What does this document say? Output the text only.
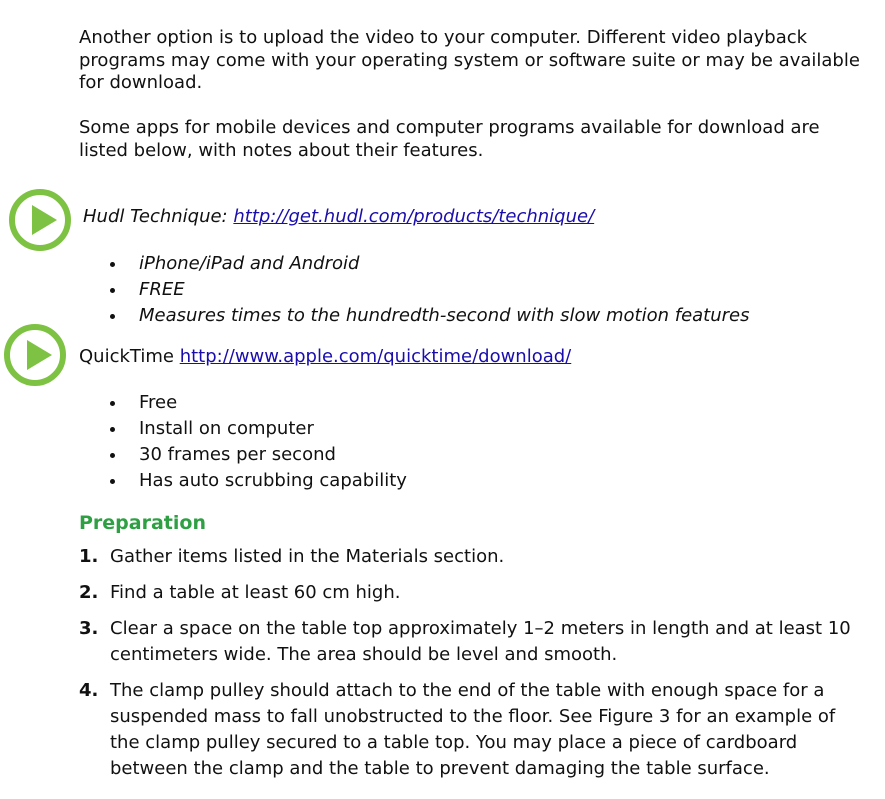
Another option is to upload the video to your computer. Different video playback programs may come with your operating system or software suite or may be available for download.

Some apps for mobile devices and computer programs available for download are listed below, with notes about their features.

Hudl Technique: http://get.hudl.com/products/technique/
iPhone/iPad and Android
FREE
Measures times to the hundredth-second with slow motion features
QuickTime http://www.apple.com/quicktime/download/
Free
Install on computer
30 frames per second
Has auto scrubbing capability
Preparation
1. Gather items listed in the Materials section.
2. Find a table at least 60 cm high.
3. Clear a space on the table top approximately 1–2 meters in length and at least 10 centimeters wide. The area should be level and smooth.
4. The clamp pulley should attach to the end of the table with enough space for a suspended mass to fall unobstructed to the floor. See Figure 3 for an example of the clamp pulley secured to a table top. You may place a piece of cardboard between the clamp and the table to prevent damaging the table surface.
